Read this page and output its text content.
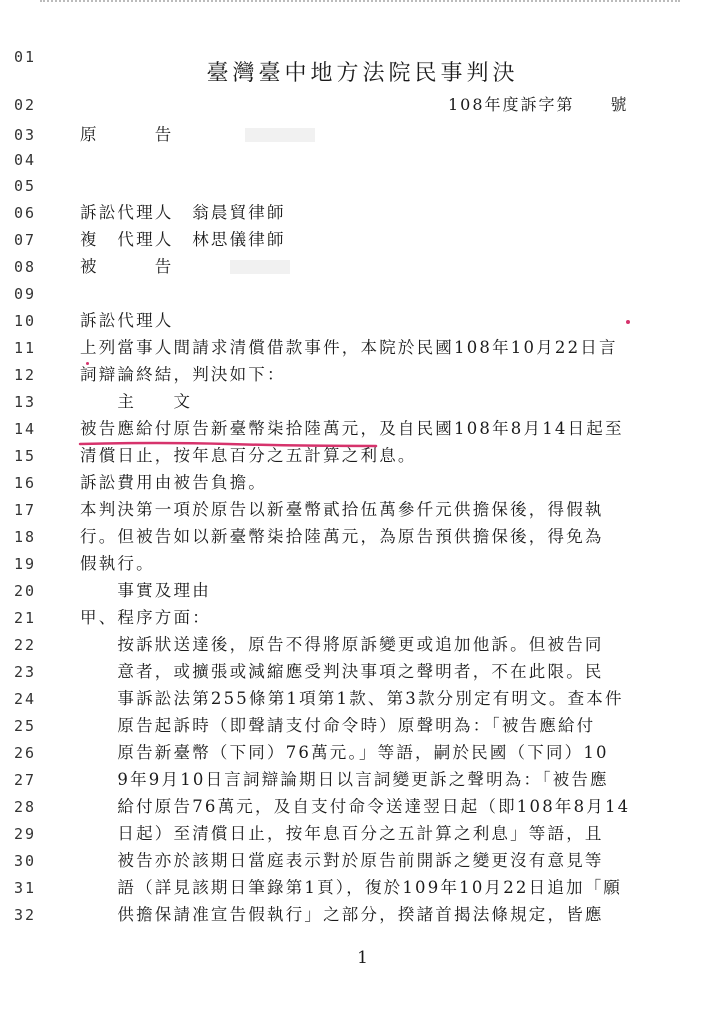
臺灣臺中地方法院民事判決
01
02	108年度訴字第　　號
03	原　　　告
04
05
06	訴訟代理人　翁晨貿律師
07	複　代理人　林思儀律師
08	被　　　告
09
10	訴訟代理人
11	上列當事人間請求清償借款事件，本院於民國108年10月22日言
12	詞辯論終結，判決如下：
13	　　主　　文
14	被告應給付原告新臺幣柒拾陸萬元，及自民國108年8月14日起至
15	清償日止，按年息百分之五計算之利息。
16	訴訟費用由被告負擔。
17	本判決第一項於原告以新臺幣貳拾伍萬參仟元供擔保後，得假執
18	行。但被告如以新臺幣柒拾陸萬元，為原告預供擔保後，得免為
19	假執行。
20	　　事實及理由
21	甲、程序方面：
22	　　按訴狀送達後，原告不得將原訴變更或追加他訴。但被告同
23	　　意者，或擴張或減縮應受判決事項之聲明者，不在此限。民
24	　　事訴訟法第255條第1項第1款、第3款分別定有明文。查本件
25	　　原告起訴時（即聲請支付命令時）原聲明為：「被告應給付
26	　　原告新臺幣（下同）76萬元。」等語，嗣於民國（下同）10
27	　　9年9月10日言詞辯論期日以言詞變更訴之聲明為：「被告應
28	　　給付原告76萬元，及自支付命令送達翌日起（即108年8月14
29	　　日起）至清償日止，按年息百分之五計算之利息」等語，且
30	　　被告亦於該期日當庭表示對於原告前開訴之變更沒有意見等
31	　　語（詳見該期日筆錄第1頁），復於109年10月22日追加「願
32	　　供擔保請准宣告假執行」之部分，揆諸首揭法條規定，皆應
1
